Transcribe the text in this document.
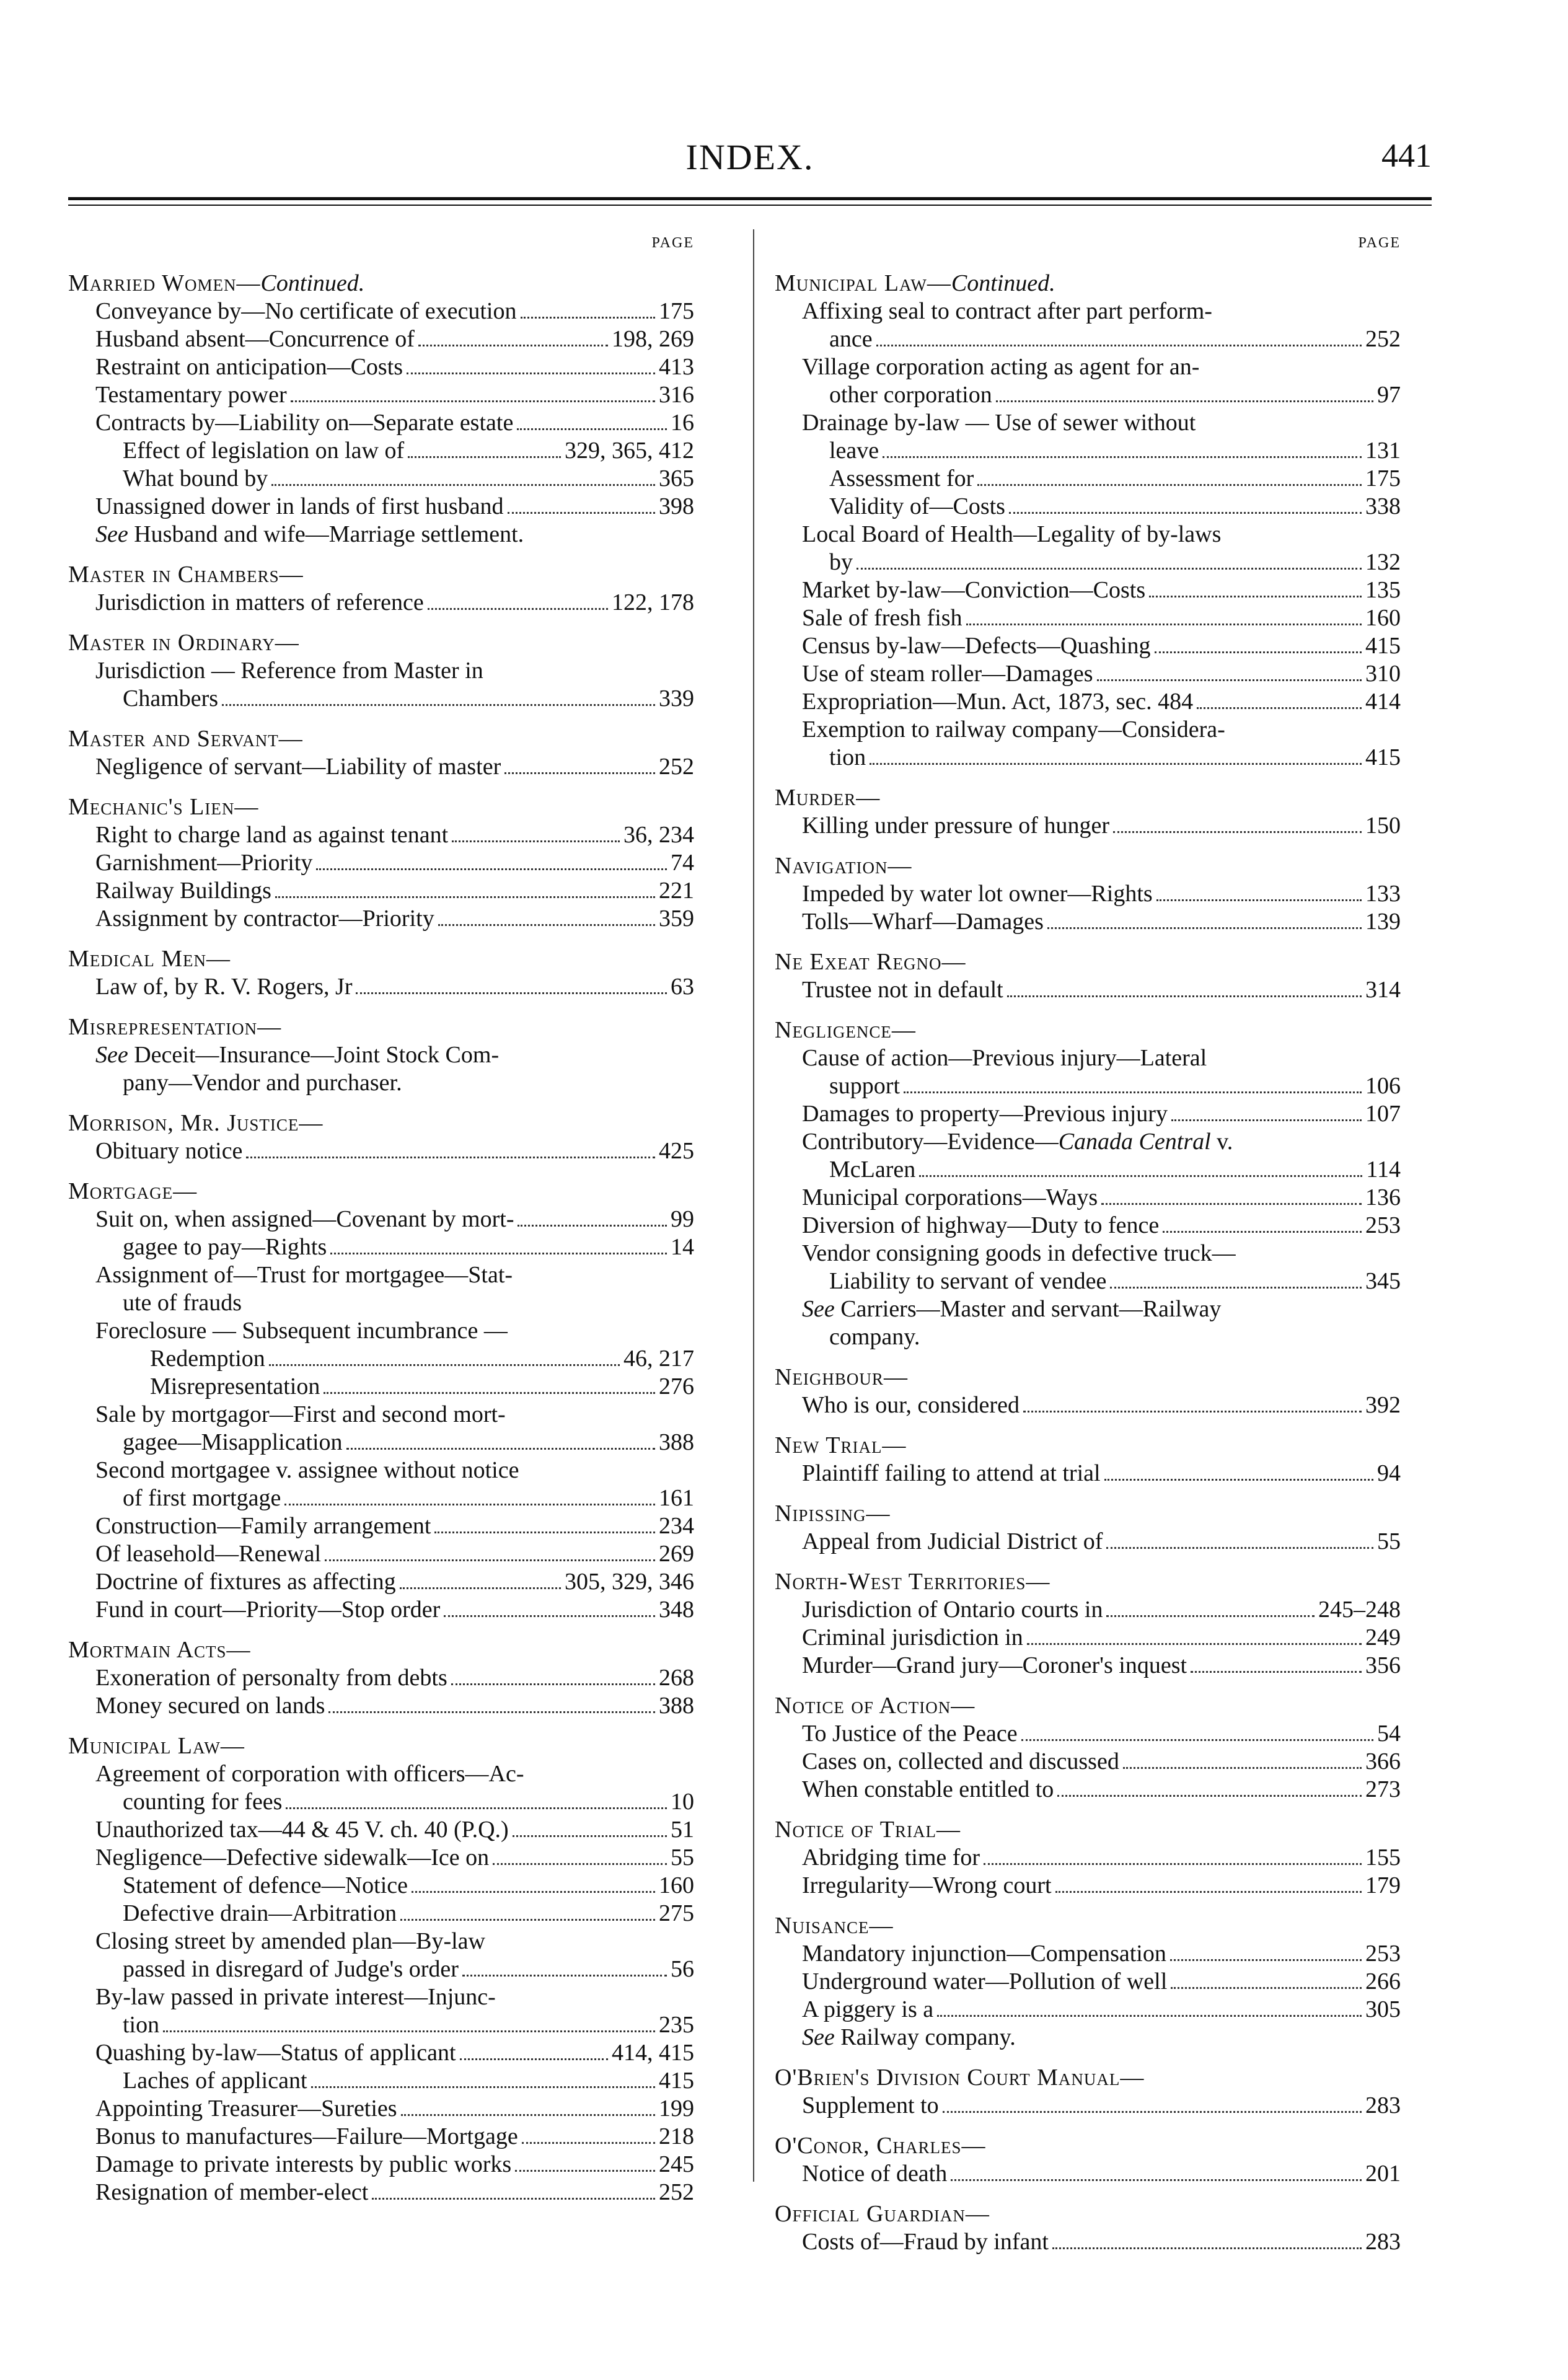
INDEX.	441
PAGE
Married Women—Continued.
Conveyance by—No certificate of execution	175
Husband absent—Concurrence of	198, 269
Restraint on anticipation—Costs	413
Testamentary power	316
Contracts by—Liability on—Separate estate	16
Effect of legislation on law of	329, 365, 412
What bound by	365
Unassigned dower in lands of first husband	398
See Husband and wife—Marriage settlement.
Master in Chambers—
Jurisdiction in matters of reference	122, 178
Master in Ordinary—
Jurisdiction — Reference from Master in
Chambers	339
Master and Servant—
Negligence of servant—Liability of master	252
Mechanic's Lien—
Right to charge land as against tenant	36, 234
Garnishment—Priority	74
Railway Buildings	221
Assignment by contractor—Priority	359
Medical Men—
Law of, by R. V. Rogers, Jr	63
Misrepresentation—
See Deceit—Insurance—Joint Stock Com-
pany—Vendor and purchaser.
Morrison, Mr. Justice—
Obituary notice	425
Mortgage—
Suit on, when assigned—Covenant by mort-	99
gagee to pay—Rights	14
Assignment of—Trust for mortgagee—Stat-
ute of frauds
Foreclosure — Subsequent incumbrance —
Redemption	46, 217
Misrepresentation	276
Sale by mortgagor—First and second mort-
gagee—Misapplication	388
Second mortgagee v. assignee without notice
of first mortgage	161
Construction—Family arrangement	234
Of leasehold—Renewal	269
Doctrine of fixtures as affecting	305, 329, 346
Fund in court—Priority—Stop order	348
Mortmain Acts—
Exoneration of personalty from debts	268
Money secured on lands	388
Municipal Law—
Agreement of corporation with officers—Ac-
counting for fees	10
Unauthorized tax—44 & 45 V. ch. 40 (P.Q.)	51
Negligence—Defective sidewalk—Ice on	55
Statement of defence—Notice	160
Defective drain—Arbitration	275
Closing street by amended plan—By-law
passed in disregard of Judge's order	56
By-law passed in private interest—Injunc-
tion	235
Quashing by-law—Status of applicant	414, 415
Laches of applicant	415
Appointing Treasurer—Sureties	199
Bonus to manufactures—Failure—Mortgage	218
Damage to private interests by public works	245
Resignation of member-elect	252
PAGE
Municipal Law—Continued.
Affixing seal to contract after part perform-
ance	252
Village corporation acting as agent for an-
other corporation	97
Drainage by-law — Use of sewer without
leave	131
Assessment for	175
Validity of—Costs	338
Local Board of Health—Legality of by-laws
by	132
Market by-law—Conviction—Costs	135
Sale of fresh fish	160
Census by-law—Defects—Quashing	415
Use of steam roller—Damages	310
Expropriation—Mun. Act, 1873, sec. 484	414
Exemption to railway company—Considera-
tion	415
Murder—
Killing under pressure of hunger	150
Navigation—
Impeded by water lot owner—Rights	133
Tolls—Wharf—Damages	139
Ne Exeat Regno—
Trustee not in default	314
Negligence—
Cause of action—Previous injury—Lateral
support	106
Damages to property—Previous injury	107
Contributory—Evidence—Canada Central v.
McLaren	114
Municipal corporations—Ways	136
Diversion of highway—Duty to fence	253
Vendor consigning goods in defective truck—
Liability to servant of vendee	345
See Carriers—Master and servant—Railway
company.
Neighbour—
Who is our, considered	392
New Trial—
Plaintiff failing to attend at trial	94
Nipissing—
Appeal from Judicial District of	55
North-West Territories—
Jurisdiction of Ontario courts in	245–248
Criminal jurisdiction in	249
Murder—Grand jury—Coroner's inquest	356
Notice of Action—
To Justice of the Peace	54
Cases on, collected and discussed	366
When constable entitled to	273
Notice of Trial—
Abridging time for	155
Irregularity—Wrong court	179
Nuisance—
Mandatory injunction—Compensation	253
Underground water—Pollution of well	266
A piggery is a	305
See Railway company.
O'Brien's Division Court Manual—
Supplement to	283
O'Conor, Charles—
Notice of death	201
Official Guardian—
Costs of—Fraud by infant	283
